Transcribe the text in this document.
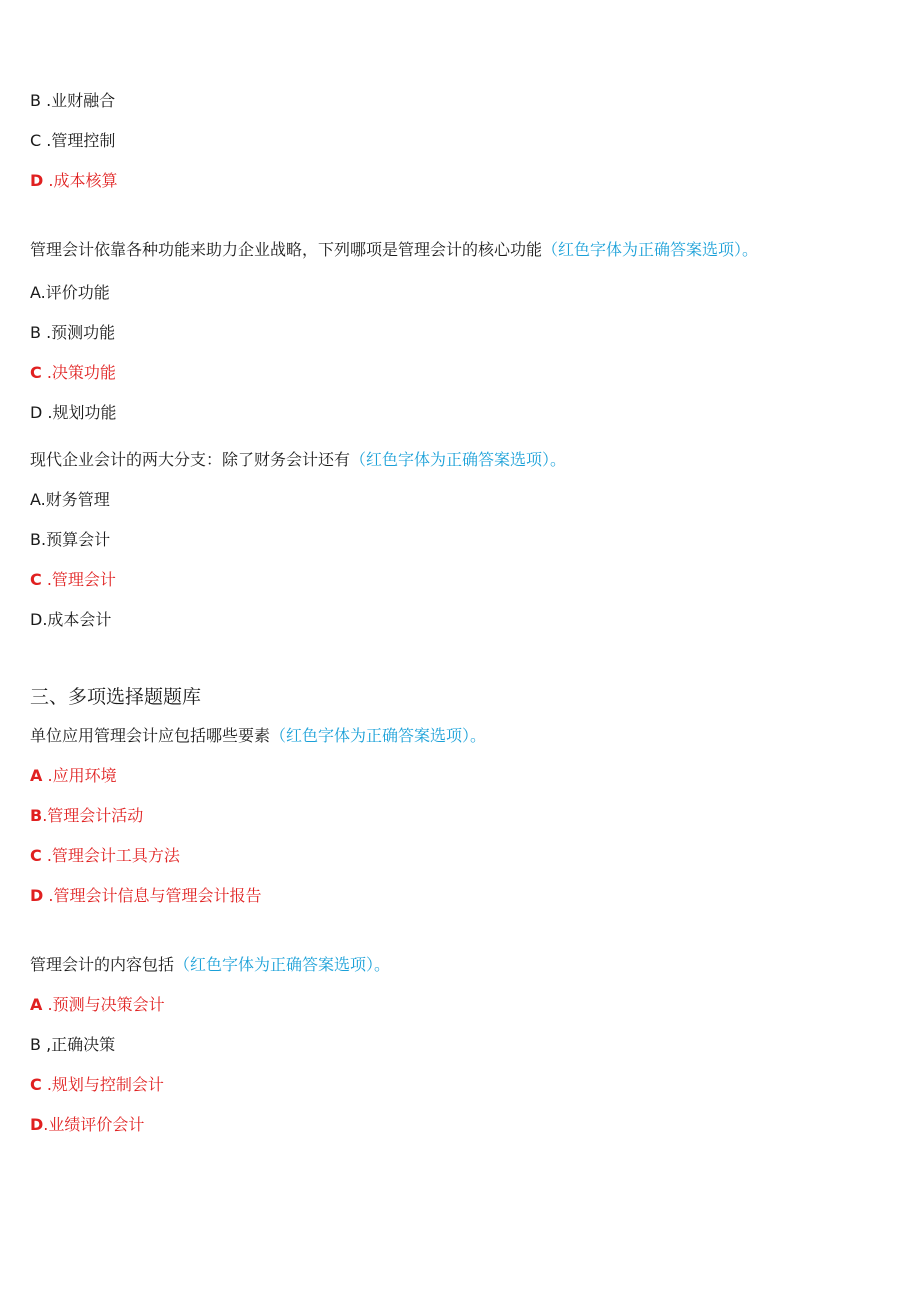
B .业财融合
C .管理控制
D .成本核算
管理会计依靠各种功能来助力企业战略，下列哪项是管理会计的核心功能（红色字体为正确答案选项）。
A.评价功能
B .预测功能
C .决策功能
D .规划功能
现代企业会计的两大分支：除了财务会计还有（红色字体为正确答案选项）。
A.财务管理
B.预算会计
C .管理会计
D.成本会计
三、多项选择题题库
单位应用管理会计应包括哪些要素（红色字体为正确答案选项）。
A .应用环境
B.管理会计活动
C .管理会计工具方法
D .管理会计信息与管理会计报告
管理会计的内容包括（红色字体为正确答案选项）。
A .预测与决策会计
B ,正确决策
C .规划与控制会计
D.业绩评价会计
